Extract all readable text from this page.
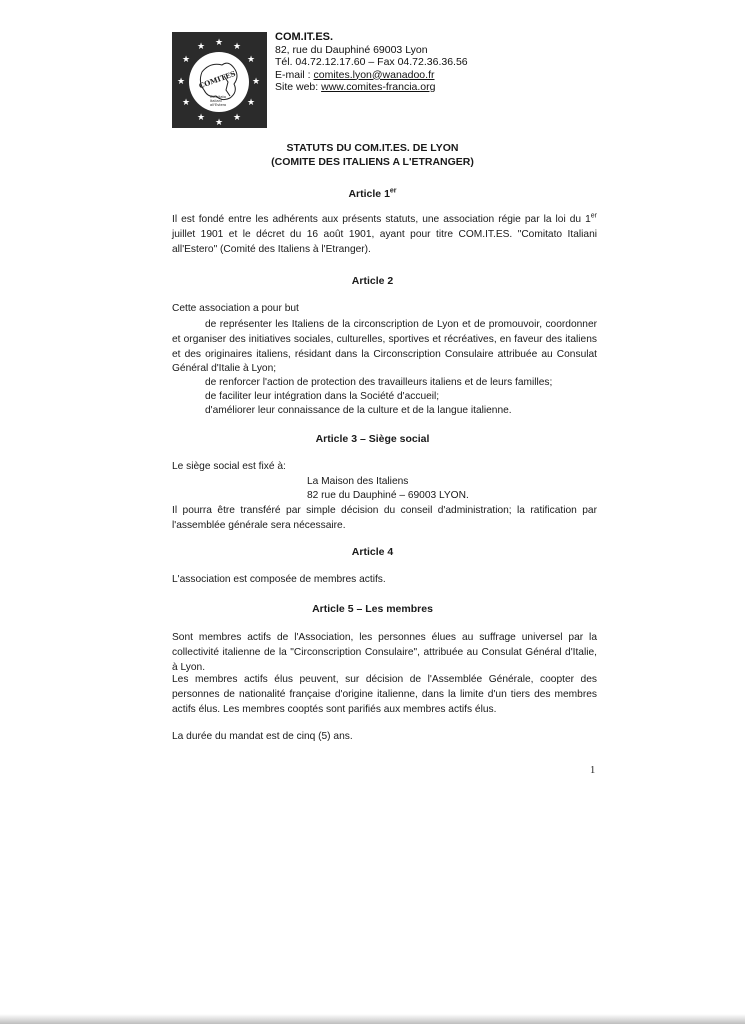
★ ★
★
★
★
★
★
★
★
★
★
★
COMITES
Comitato
Italiani
all'Estero
COM.IT.ES.
82, rue du Dauphiné 69003 Lyon
Tél. 04.72.12.17.60 – Fax 04.72.36.36.56
E-mail : comites.lyon@wanadoo.fr
Site web: www.comites-francia.org
STATUTS DU COM.IT.ES. DE LYON
(COMITE DES ITALIENS A L'ETRANGER)
Article 1er
Il est fondé entre les adhérents aux présents statuts, une association régie par la loi du 1er juillet 1901 et le décret du 16 août 1901, ayant pour titre COM.IT.ES. "Comitato Italiani all'Estero" (Comité des Italiens à l'Etranger).
Article 2
Cette association a pour but
de représenter les Italiens de la circonscription de Lyon et de promouvoir, coordonner et organiser des initiatives sociales, culturelles, sportives et récréatives, en faveur des italiens et des originaires italiens, résidant dans la Circonscription Consulaire attribuée au Consulat Général d'Italie à Lyon;
de renforcer l'action de protection des travailleurs italiens et de leurs familles;
de faciliter leur intégration dans la Société d'accueil;
d'améliorer leur connaissance de la culture et de la langue italienne.
Article 3 – Siège social
Le siège social est fixé à:
La Maison des Italiens
82 rue du Dauphiné – 69003 LYON.
Il pourra être transféré par simple décision du conseil d'administration; la ratification par l'assemblée générale sera nécessaire.
Article 4
L'association est composée de membres actifs.
Article 5 – Les membres
Sont membres actifs de l'Association, les personnes élues au suffrage universel par la collectivité italienne de la "Circonscription Consulaire", attribuée au Consulat Général d'Italie, à Lyon.
Les membres actifs élus peuvent, sur décision de l'Assemblée Générale, coopter des personnes de nationalité française d'origine italienne, dans la limite d'un tiers des membres actifs élus. Les membres cooptés sont parifiés aux membres actifs élus.
La durée du mandat est de cinq (5) ans.
1
